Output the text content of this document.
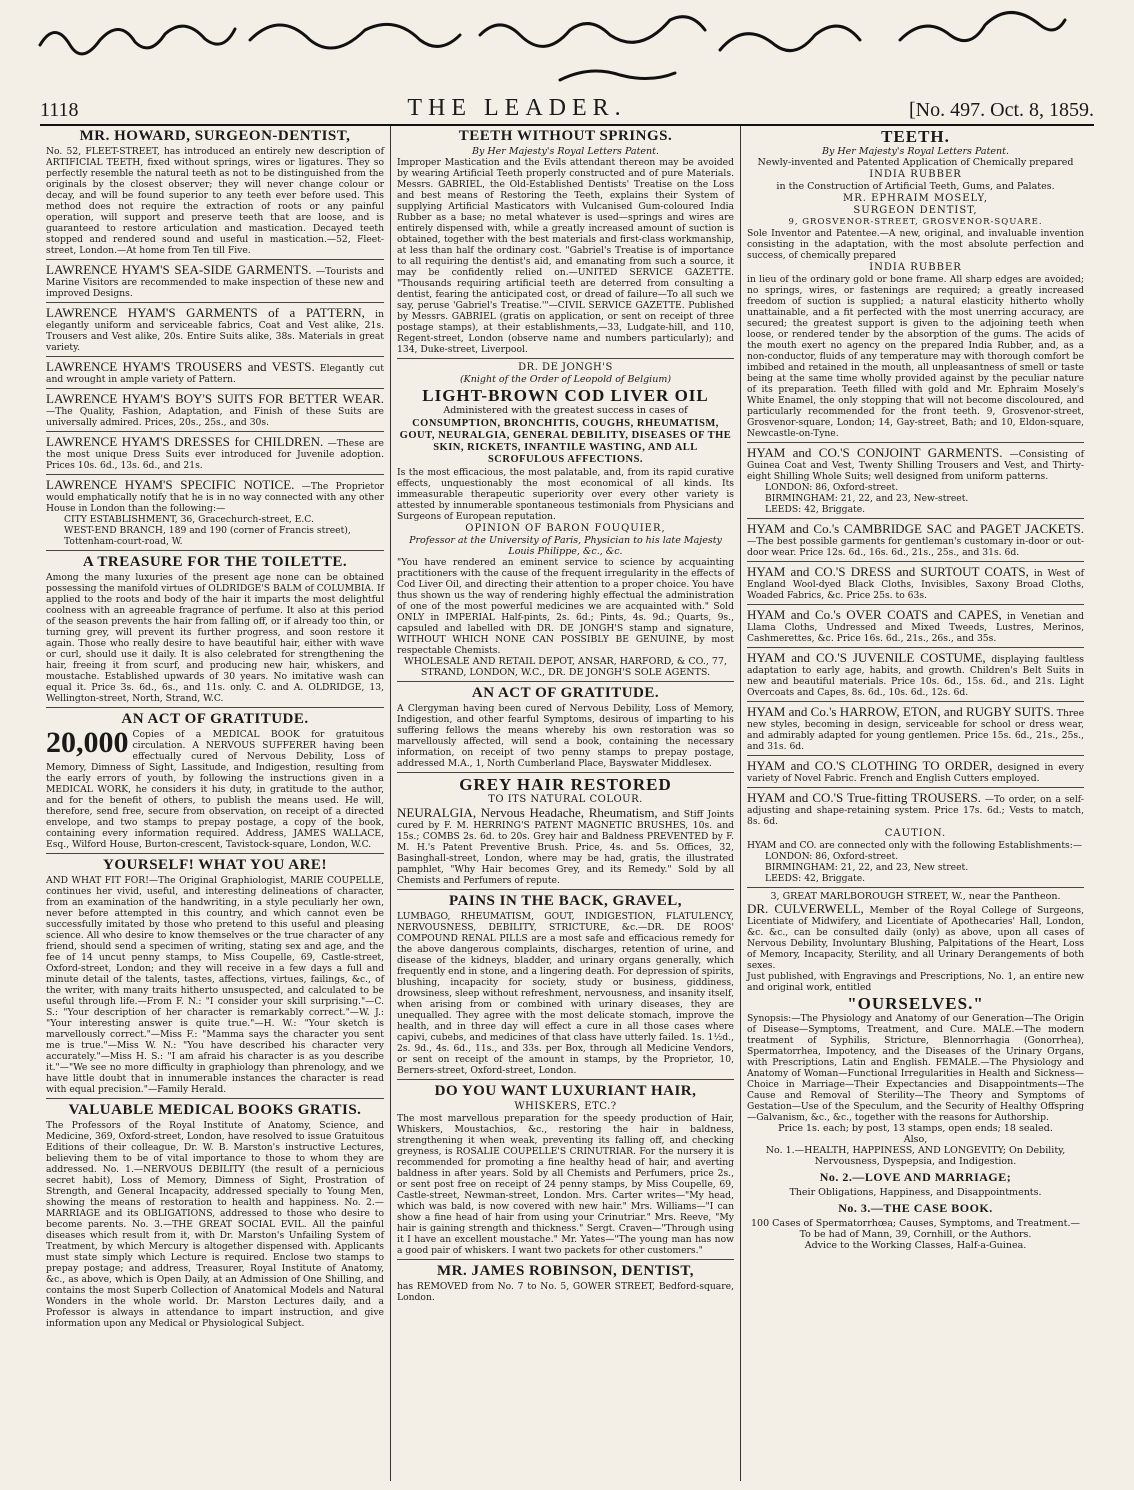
1118	THE LEADER.	[No. 497. Oct. 8, 1859.
MR. HOWARD, SURGEON-DENTIST,

No. 52, FLEET-STREET, has introduced an entirely new description of ARTIFICIAL TEETH, fixed without springs, wires or ligatures. They so perfectly resemble the natural teeth as not to be distinguished from the originals by the closest observer; they will never change colour or decay, and will be found superior to any teeth ever before used. This method does not require the extraction of roots or any painful operation, will support and preserve teeth that are loose, and is guaranteed to restore articulation and mastication. Decayed teeth stopped and rendered sound and useful in mastication.—52, Fleet-street, London.—At home from Ten till Five.

LAWRENCE HYAM'S SEA-SIDE GARMENTS. —Tourists and Marine Visitors are recommended to make inspection of these new and improved Designs.

LAWRENCE HYAM'S GARMENTS of a PATTERN, in elegantly uniform and serviceable fabrics, Coat and Vest alike, 21s. Trousers and Vest alike, 20s. Entire Suits alike, 38s. Materials in great variety.

LAWRENCE HYAM'S TROUSERS and VESTS. Elegantly cut and wrought in ample variety of Pattern.

LAWRENCE HYAM'S BOY'S SUITS FOR BETTER WEAR. —The Quality, Fashion, Adaptation, and Finish of these Suits are universally admired. Prices, 20s., 25s., and 30s.

LAWRENCE HYAM'S DRESSES for CHILDREN. —These are the most unique Dress Suits ever introduced for Juvenile adoption. Prices 10s. 6d., 13s. 6d., and 21s.

LAWRENCE HYAM'S SPECIFIC NOTICE. —The Proprietor would emphatically notify that he is in no way connected with any other House in London than the following:—

CITY ESTABLISHMENT, 36, Gracechurch-street, E.C.
WEST-END BRANCH, 189 and 190 (corner of Francis street), Tottenham-court-road, W.
A TREASURE FOR THE TOILETTE.

Among the many luxuries of the present age none can be obtained possessing the manifold virtues of OLDRIDGE'S BALM of COLUMBIA. If applied to the roots and body of the hair it imparts the most delightful coolness with an agreeable fragrance of perfume. It also at this period of the season prevents the hair from falling off, or if already too thin, or turning grey, will prevent its further progress, and soon restore it again. Those who really desire to have beautiful hair, either with wave or curl, should use it daily. It is also celebrated for strengthening the hair, freeing it from scurf, and producing new hair, whiskers, and moustache. Established upwards of 30 years. No imitative wash can equal it. Price 3s. 6d., 6s., and 11s. only. C. and A. OLDRIDGE, 13, Wellington-street, North, Strand, W.C.

AN ACT OF GRATITUDE.

20,000 Copies of a MEDICAL BOOK for gratuitous circulation. A NERVOUS SUFFERER having been effectually cured of Nervous Debility, Loss of Memory, Dimness of Sight, Lassitude, and Indigestion, resulting from the early errors of youth, by following the instructions given in a MEDICAL WORK, he considers it his duty, in gratitude to the author, and for the benefit of others, to publish the means used. He will, therefore, send free, secure from observation, on receipt of a directed envelope, and two stamps to prepay postage, a copy of the book, containing every information required. Address, JAMES WALLACE, Esq., Wilford House, Burton-crescent, Tavistock-square, London, W.C.

YOURSELF! WHAT YOU ARE!

AND WHAT FIT FOR!—The Original Graphiologist, MARIE COUPELLE, continues her vivid, useful, and interesting delineations of character, from an examination of the handwriting, in a style peculiarly her own, never before attempted in this country, and which cannot even be successfully imitated by those who pretend to this useful and pleasing science. All who desire to know themselves or the true character of any friend, should send a specimen of writing, stating sex and age, and the fee of 14 uncut penny stamps, to Miss Coupelle, 69, Castle-street, Oxford-street, London; and they will receive in a few days a full and minute detail of the talents, tastes, affections, virtues, failings, &c., of the writer, with many traits hitherto unsuspected, and calculated to be useful through life.—From F. N.: "I consider your skill surprising."—C. S.: "Your description of her character is remarkably correct."—W. J.: "Your interesting answer is quite true."—H. W.: "Your sketch is marvellously correct."—Miss F.: "Mamma says the character you sent me is true."—Miss W. N.: "You have described his character very accurately."—Miss H. S.: "I am afraid his character is as you describe it."—"We see no more difficulty in graphiology than phrenology, and we have little doubt that in innumerable instances the character is read with equal precision."—Family Herald.

VALUABLE MEDICAL BOOKS GRATIS.

The Professors of the Royal Institute of Anatomy, Science, and Medicine, 369, Oxford-street, London, have resolved to issue Gratuitous Editions of their colleague, Dr. W. B. Marston's instructive Lectures, believing them to be of vital importance to those to whom they are addressed. No. 1.—NERVOUS DEBILITY (the result of a pernicious secret habit), Loss of Memory, Dimness of Sight, Prostration of Strength, and General Incapacity, addressed specially to Young Men, showing the means of restoration to health and happiness. No. 2.—MARRIAGE and its OBLIGATIONS, addressed to those who desire to become parents. No. 3.—THE GREAT SOCIAL EVIL. All the painful diseases which result from it, with Dr. Marston's Unfailing System of Treatment, by which Mercury is altogether dispensed with. Applicants must state simply which Lecture is required. Enclose two stamps to prepay postage; and address, Treasurer, Royal Institute of Anatomy, &c., as above, which is Open Daily, at an Admission of One Shilling, and contains the most Superb Collection of Anatomical Models and Natural Wonders in the whole world. Dr. Marston Lectures daily, and a Professor is always in attendance to impart instruction, and give information upon any Medical or Physiological Subject.

TEETH WITHOUT SPRINGS.
By Her Majesty's Royal Letters Patent.

Improper Mastication and the Evils attendant thereon may be avoided by wearing Artificial Teeth properly constructed and of pure Materials. Messrs. GABRIEL, the Old-Established Dentists' Treatise on the Loss and best means of Restoring the Teeth, explains their System of supplying Artificial Masticators with Vulcanised Gum-coloured India Rubber as a base; no metal whatever is used—springs and wires are entirely dispensed with, while a greatly increased amount of suction is obtained, together with the best materials and first-class workmanship, at less than half the ordinary cost. "Gabriel's Treatise is of importance to all requiring the dentist's aid, and emanating from such a source, it may be confidently relied on.—UNITED SERVICE GAZETTE. "Thousands requiring artificial teeth are deterred from consulting a dentist, fearing the anticipated cost, or dread of failure—To all such we say, peruse 'Gabriel's Treatise.'"—CIVIL SERVICE GAZETTE. Published by Messrs. GABRIEL (gratis on application, or sent on receipt of three postage stamps), at their establishments,—33, Ludgate-hill, and 110, Regent-street, London (observe name and numbers particularly); and 134, Duke-street, Liverpool.

DR. DE JONGH'S
(Knight of the Order of Leopold of Belgium)
LIGHT-BROWN COD LIVER OIL
Administered with the greatest success in cases of
CONSUMPTION, BRONCHITIS, COUGHS, RHEUMATISM, GOUT, NEURALGIA, GENERAL DEBILITY, DISEASES OF THE SKIN, RICKETS, INFANTILE WASTING, AND ALL SCROFULOUS AFFECTIONS.

Is the most efficacious, the most palatable, and, from its rapid curative effects, unquestionably the most economical of all kinds. Its immeasurable therapeutic superiority over every other variety is attested by innumerable spontaneous testimonials from Physicians and Surgeons of European reputation.

OPINION OF BARON FOUQUIER,
Professor at the University of Paris, Physician to his late Majesty Louis Philippe, &c., &c.

"You have rendered an eminent service to science by acquainting practitioners with the cause of the frequent irregularity in the effects of Cod Liver Oil, and directing their attention to a proper choice. You have thus shown us the way of rendering highly effectual the administration of one of the most powerful medicines we are acquainted with." Sold ONLY in IMPERIAL Half-pints, 2s. 6d.; Pints, 4s. 9d.; Quarts, 9s., capsuled and labelled with DR. DE JONGH'S stamp and signature, WITHOUT WHICH NONE CAN POSSIBLY BE GENUINE, by most respectable Chemists.

WHOLESALE AND RETAIL DEPOT, ANSAR, HARFORD, & CO., 77, STRAND, LONDON, W.C., DR. DE JONGH'S SOLE AGENTS.
AN ACT OF GRATITUDE.

A Clergyman having been cured of Nervous Debility, Loss of Memory, Indigestion, and other fearful Symptoms, desirous of imparting to his suffering fellows the means whereby his own restoration was so marvellously affected, will send a book, containing the necessary information, on receipt of two penny stamps to prepay postage, addressed M.A., 1, North Cumberland Place, Bayswater Middlesex.

GREY HAIR RESTORED
TO ITS NATURAL COLOUR.

NEURALGIA, Nervous Headache, Rheumatism, and Stiff Joints cured by F. M. HERRING'S PATENT MAGNETIC BRUSHES, 10s. and 15s.; COMBS 2s. 6d. to 20s. Grey hair and Baldness PREVENTED by F. M. H.'s Patent Preventive Brush. Price, 4s. and 5s. Offices, 32, Basinghall-street, London, where may be had, gratis, the illustrated pamphlet, "Why Hair becomes Grey, and its Remedy." Sold by all Chemists and Perfumers of repute.

PAINS IN THE BACK, GRAVEL,

LUMBAGO, RHEUMATISM, GOUT, INDIGESTION, FLATULENCY, NERVOUSNESS, DEBILITY, STRICTURE, &c.—DR. DE ROOS' COMPOUND RENAL PILLS are a most safe and efficacious remedy for the above dangerous complaints, discharges, retention of urine, and disease of the kidneys, bladder, and urinary organs generally, which frequently end in stone, and a lingering death. For depression of spirits, blushing, incapacity for society, study or business, giddiness, drowsiness, sleep without refreshment, nervousness, and insanity itself, when arising from or combined with urinary diseases, they are unequalled. They agree with the most delicate stomach, improve the health, and in three day will effect a cure in all those cases where capivi, cubebs, and medicines of that class have utterly failed. 1s. 1½d., 2s. 9d., 4s. 6d., 11s., and 33s. per Box, through all Medicine Vendors, or sent on receipt of the amount in stamps, by the Proprietor, 10, Berners-street, Oxford-street, London.

DO YOU WANT LUXURIANT HAIR,
WHISKERS, ETC.?

The most marvellous preparation for the speedy production of Hair, Whiskers, Moustachios, &c., restoring the hair in baldness, strengthening it when weak, preventing its falling off, and checking greyness, is ROSALIE COUPELLE'S CRINUTRIAR. For the nursery it is recommended for promoting a fine healthy head of hair, and averting baldness in after years. Sold by all Chemists and Perfumers, price 2s., or sent post free on receipt of 24 penny stamps, by Miss Coupelle, 69, Castle-street, Newman-street, London. Mrs. Carter writes—"My head, which was bald, is now covered with new hair." Mrs. Williams—"I can show a fine head of hair from using your Crinutriar." Mrs. Reeve, "My hair is gaining strength and thickness." Sergt. Craven—"Through using it I have an excellent moustache." Mr. Yates—"The young man has now a good pair of whiskers. I want two packets for other customers."

MR. JAMES ROBINSON, DENTIST,

has REMOVED from No. 7 to No. 5, GOWER STREET, Bedford-square, London.

TEETH.
By Her Majesty's Royal Letters Patent.
Newly-invented and Patented Application of Chemically prepared
INDIA RUBBER
in the Construction of Artificial Teeth, Gums, and Palates.
MR. EPHRAIM MOSELY,
SURGEON DENTIST,
9, GROSVENOR-STREET, GROSVENOR-SQUARE.

Sole Inventor and Patentee.—A new, original, and invaluable invention consisting in the adaptation, with the most absolute perfection and success, of chemically prepared

INDIA RUBBER

in lieu of the ordinary gold or bone frame. All sharp edges are avoided; no springs, wires, or fastenings are required; a greatly increased freedom of suction is supplied; a natural elasticity hitherto wholly unattainable, and a fit perfected with the most unerring accuracy, are secured; the greatest support is given to the adjoining teeth when loose, or rendered tender by the absorption of the gums. The acids of the mouth exert no agency on the prepared India Rubber, and, as a non-conductor, fluids of any temperature may with thorough comfort be imbibed and retained in the mouth, all unpleasantness of smell or taste being at the same time wholly provided against by the peculiar nature of its preparation. Teeth filled with gold and Mr. Ephraim Mosely's White Enamel, the only stopping that will not become discoloured, and particularly recommended for the front teeth. 9, Grosvenor-street, Grosvenor-square, London; 14, Gay-street, Bath; and 10, Eldon-square, Newcastle-on-Tyne.

HYAM and CO.'S CONJOINT GARMENTS. —Consisting of Guinea Coat and Vest, Twenty Shilling Trousers and Vest, and Thirty-eight Shilling Whole Suits; well designed from uniform patterns.

LONDON: 86, Oxford-street.
BIRMINGHAM: 21, 22, and 23, New-street.
LEEDS: 42, Briggate.

HYAM and Co.'s CAMBRIDGE SAC and PAGET JACKETS. —The best possible garments for gentleman's customary in-door or out-door wear. Price 12s. 6d., 16s. 6d., 21s., 25s., and 31s. 6d.

HYAM and CO.'S DRESS and SURTOUT COATS, in West of England Wool-dyed Black Cloths, Invisibles, Saxony Broad Cloths, Woaded Fabrics, &c. Price 25s. to 63s.

HYAM and Co.'s OVER COATS and CAPES, in Venetian and Llama Cloths, Undressed and Mixed Tweeds, Lustres, Merinos, Cashmerettes, &c. Price 16s. 6d., 21s., 26s., and 35s.

HYAM and CO.'S JUVENILE COSTUME, displaying faultless adaptation to early age, habits, and growth. Children's Belt Suits in new and beautiful materials. Price 10s. 6d., 15s. 6d., and 21s. Light Overcoats and Capes, 8s. 6d., 10s. 6d., 12s. 6d.

HYAM and Co.'s HARROW, ETON, and RUGBY SUITS. Three new styles, becoming in design, serviceable for school or dress wear, and admirably adapted for young gentlemen. Price 15s. 6d., 21s., 25s., and 31s. 6d.

HYAM and CO.'S CLOTHING TO ORDER, designed in every variety of Novel Fabric. French and English Cutters employed.

HYAM and CO.'S True-fitting TROUSERS. —To order, on a self-adjusting and shape-retaining system. Price 17s. 6d.; Vests to match, 8s. 6d.

CAUTION.

HYAM and CO. are connected only with the following Establishments:—

LONDON: 86, Oxford-street.
BIRMINGHAM: 21, 22, and 23, New street.
LEEDS: 42, Briggate.
3, GREAT MARLBOROUGH STREET, W., near the Pantheon.

DR. CULVERWELL, Member of the Royal College of Surgeons, Licentiate of Midwifery, and Licentiate of Apothecaries' Hall, London, &c. &c., can be consulted daily (only) as above, upon all cases of Nervous Debility, Involuntary Blushing, Palpitations of the Heart, Loss of Memory, Incapacity, Sterility, and all Urinary Derangements of both sexes.

Just published, with Engravings and Prescriptions, No. 1, an entire new and original work, entitled

"OURSELVES."

Synopsis:—The Physiology and Anatomy of our Generation—The Origin of Disease—Symptoms, Treatment, and Cure. MALE.—The modern treatment of Syphilis, Stricture, Blennorrhagia (Gonorrhea), Spermatorrhea, Impotency, and the Diseases of the Urinary Organs, with Prescriptions, Latin and English. FEMALE.—The Physiology and Anatomy of Woman—Functional Irregularities in Health and Sickness—Choice in Marriage—Their Expectancies and Disappointments—The Cause and Removal of Sterility—The Theory and Symptoms of Gestation—Use of the Speculum, and the Security of Healthy Offspring—Galvanism, &c., &c., together with the reasons for Authorship.

Price 1s. each; by post, 13 stamps, open ends; 18 sealed.
Also,
No. 1.—HEALTH, HAPPINESS, AND LONGEVITY; On Debility, Nervousness, Dyspepsia, and Indigestion.
No. 2.—LOVE AND MARRIAGE;
Their Obligations, Happiness, and Disappointments.
No. 3.—THE CASE BOOK.
100 Cases of Spermatorrhœa; Causes, Symptoms, and Treatment.—To be had of Mann, 39, Cornhill, or the Authors.
Advice to the Working Classes, Half-a-Guinea.
